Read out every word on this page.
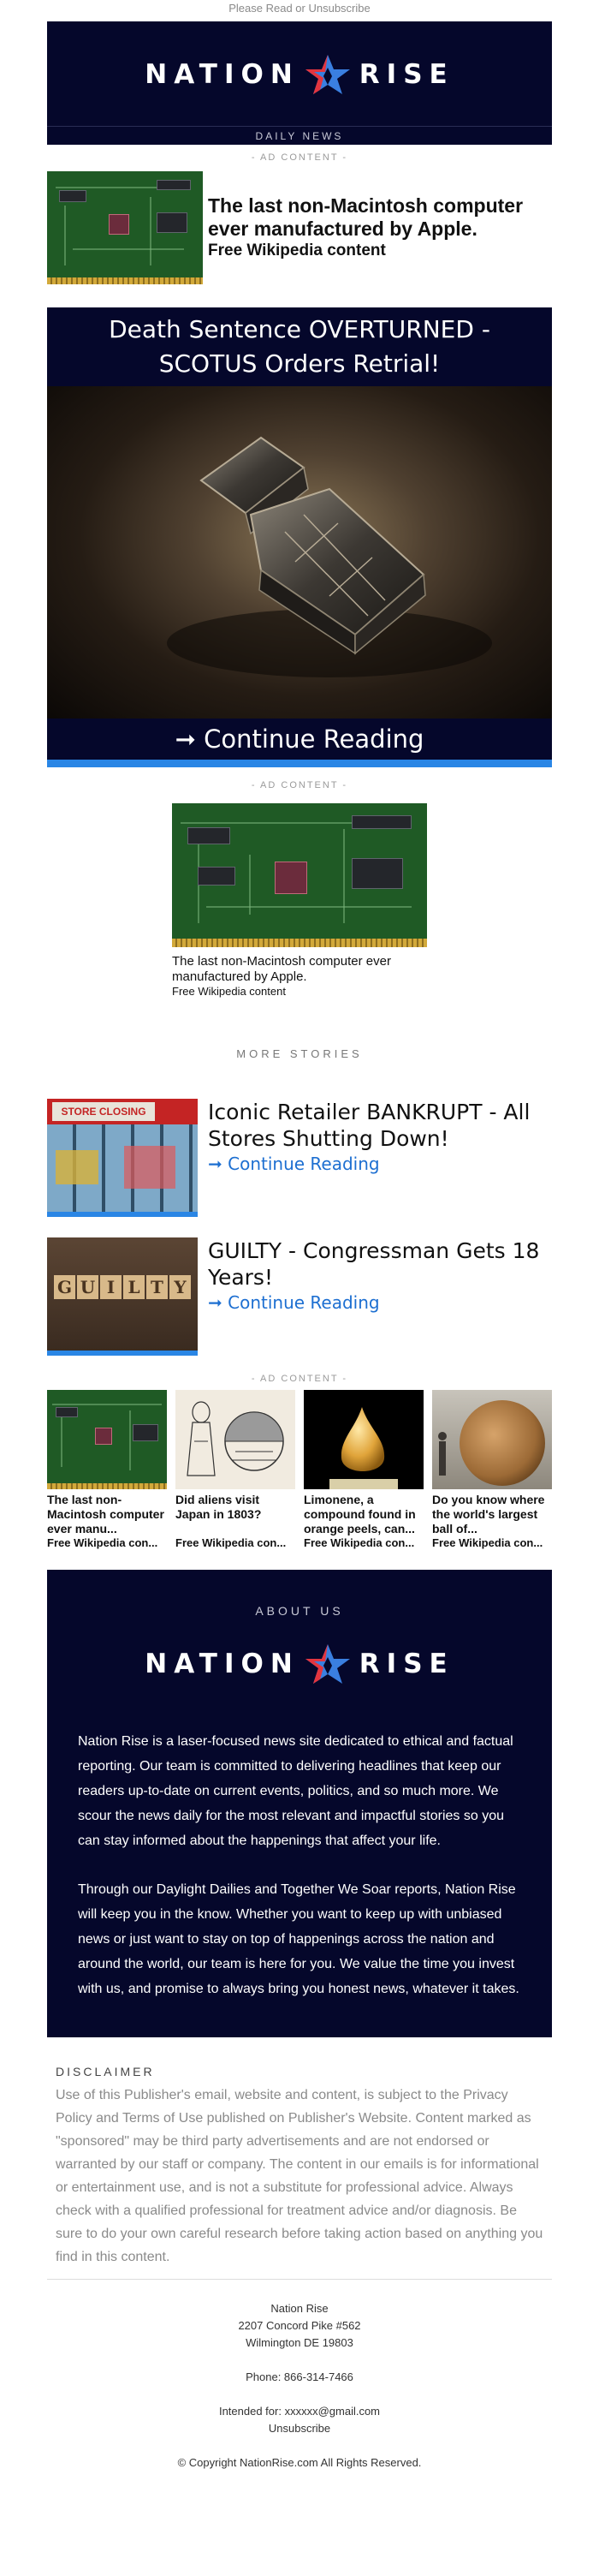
Please Read or Unsubscribe
NATION RISE
DAILY NEWS
- AD CONTENT -
The last non-Macintosh computer ever manufactured by Apple.
Free Wikipedia content
Death Sentence OVERTURNED - SCOTUS Orders Retrial!
➞ Continue Reading
- AD CONTENT -
The last non-Macintosh computer ever manufactured by Apple.
Free Wikipedia content
MORE STORIES
STORE CLOSING	Iconic Retailer BANKRUPT - All Stores Shutting Down!
➞ Continue Reading
G U I L T Y
GUILTY - Congressman Gets 18 Years!
➞ Continue Reading
- AD CONTENT -
The last non-Macintosh computer ever manu...
Free Wikipedia con...
Did aliens visit Japan in 1803?
Free Wikipedia con...
Limonene, a compound found in orange peels, can...
Free Wikipedia con...
Do you know where the world's largest ball of...
Free Wikipedia con...
ABOUT US
NATION RISE

Nation Rise is a laser-focused news site dedicated to ethical and factual reporting. Our team is committed to delivering headlines that keep our readers up-to-date on current events, politics, and so much more. We scour the news daily for the most relevant and impactful stories so you can stay informed about the happenings that affect your life.

Through our Daylight Dailies and Together We Soar reports, Nation Rise will keep you in the know. Whether you want to keep up with unbiased news or just want to stay on top of happenings across the nation and around the world, our team is here for you. We value the time you invest with us, and promise to always bring you honest news, whatever it takes.

DISCLAIMER

Use of this Publisher's email, website and content, is subject to the Privacy Policy and Terms of Use published on Publisher's Website. Content marked as "sponsored" may be third party advertisements and are not endorsed or warranted by our staff or company. The content in our emails is for informational or entertainment use, and is not a substitute for professional advice. Always check with a qualified professional for treatment advice and/or diagnosis. Be sure to do your own careful research before taking action based on anything you find in this content.

Nation Rise
2207 Concord Pike #562
Wilmington DE 19803
Phone: 866-314-7466
Intended for: xxxxxx@gmail.com
Unsubscribe
© Copyright NationRise.com All Rights Reserved.
